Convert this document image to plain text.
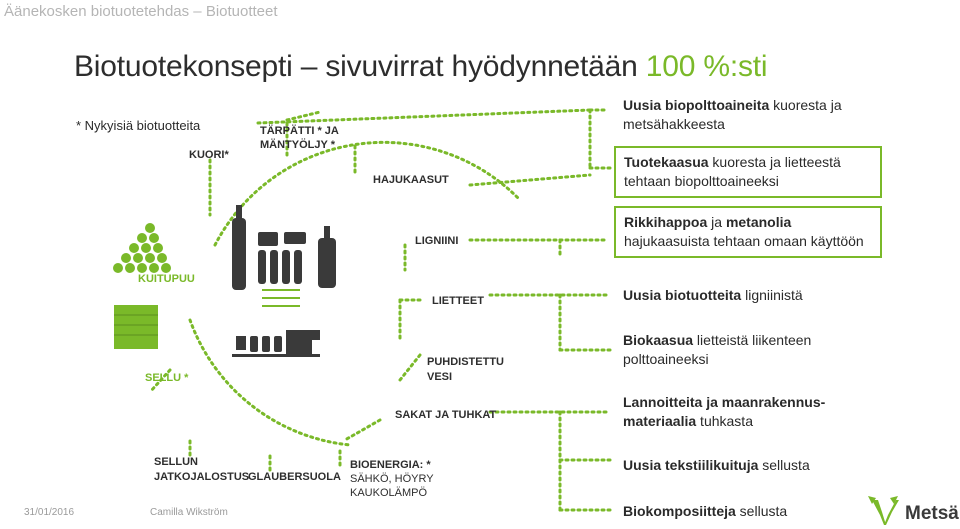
Äänekosken biotuotetehdas – Biotuotteet
Biotuotekonsepti – sivuvirrat hyödynnetään 100 %:sti
* Nykyisiä biotuotteita
KUORI*
TÄRPÄTTI * JA
MÄNTYÖLJY *
HAJUKAASUT
LIGNIINI
KUITUPUU
LIETTEET
SELLU *
PUHDISTETTU
VESI
SAKAT JA TUHKAT
SELLUN
JATKOJALOSTUS
GLAUBERSUOLA
BIOENERGIA: *
SÄHKÖ, HÖYRY
KAUKOLÄMPÖ
Uusia biopolttoaineita kuoresta ja metsähakkeesta
Tuotekaasua kuoresta ja lietteestä tehtaan biopolttoaineeksi
Rikkihappoa ja metanolia hajukaasuista tehtaan omaan käyttöön
Uusia biotuotteita ligniinistä
Biokaasua lietteistä liikenteen polttoaineeksi
Lannoitteita ja maanrakennus-materiaalia tuhkasta
Uusia tekstiilikuituja sellusta
Biokomposiitteja sellusta
31/01/2016	Camilla Wikström	Metsä
